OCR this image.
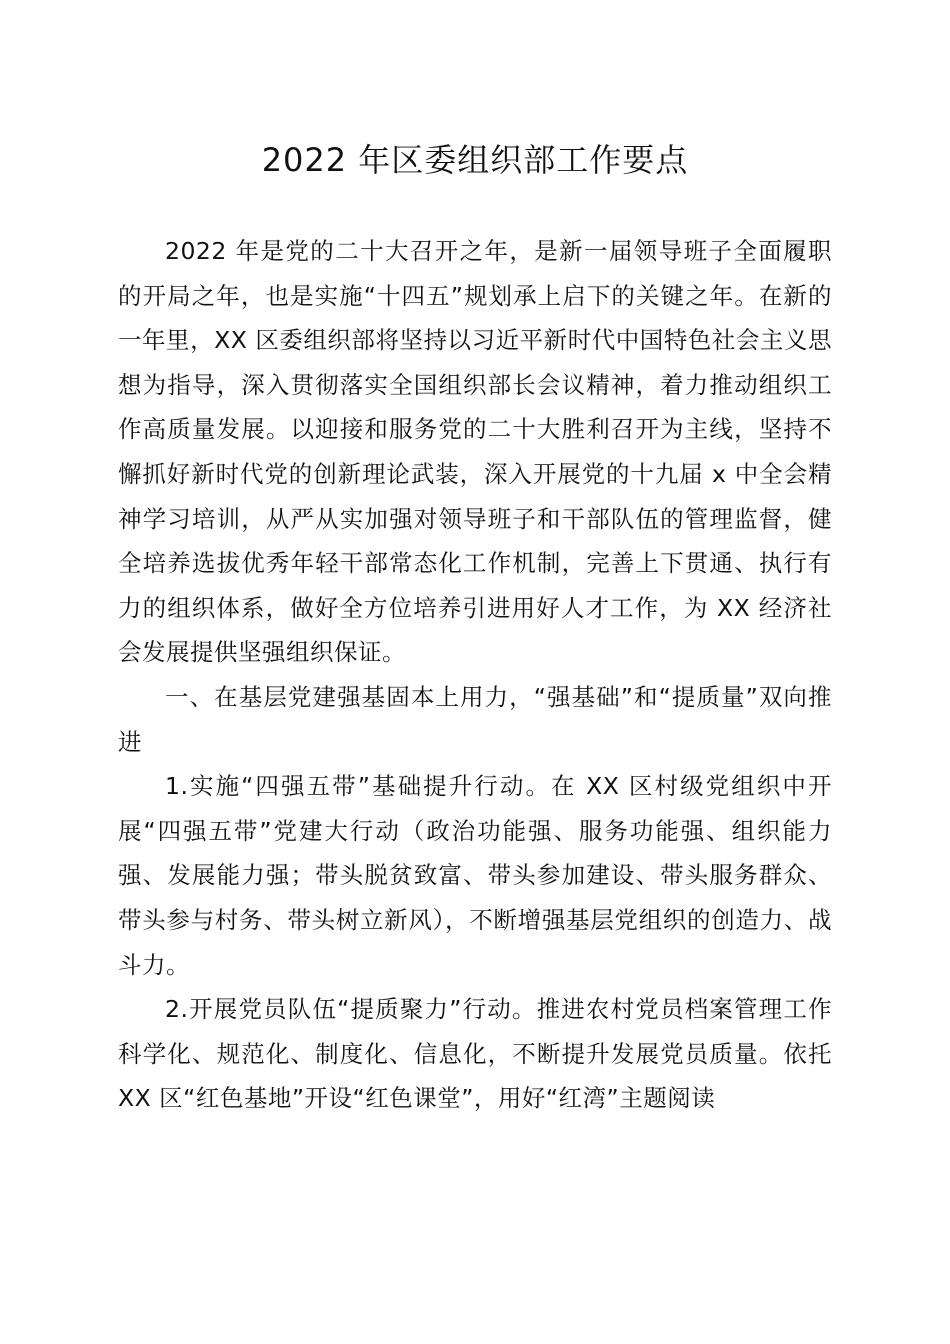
2022 年区委组织部工作要点

2022 年是党的二十大召开之年，是新一届领导班子全面履职的开局之年，也是实施“十四五”规划承上启下的关键之年。在新的一年里，XX 区委组织部将坚持以习近平新时代中国特色社会主义思想为指导，深入贯彻落实全国组织部长会议精神，着力推动组织工作高质量发展。以迎接和服务党的二十大胜利召开为主线，坚持不懈抓好新时代党的创新理论武装，深入开展党的十九届 x 中全会精神学习培训，从严从实加强对领导班子和干部队伍的管理监督，健全培养选拔优秀年轻干部常态化工作机制，完善上下贯通、执行有力的组织体系，做好全方位培养引进用好人才工作，为 XX 经济社会发展提供坚强组织保证。

一、在基层党建强基固本上用力，“强基础”和“提质量”双向推进

1.实施“四强五带”基础提升行动。在 XX 区村级党组织中开展“四强五带”党建大行动（政治功能强、服务功能强、组织能力强、发展能力强；带头脱贫致富、带头参加建设、带头服务群众、带头参与村务、带头树立新风），不断增强基层党组织的创造力、战斗力。

2.开展党员队伍“提质聚力”行动。推进农村党员档案管理工作科学化、规范化、制度化、信息化，不断提升发展党员质量。依托 XX 区“红色基地”开设“红色课堂”，用好“红湾”主题阅读
